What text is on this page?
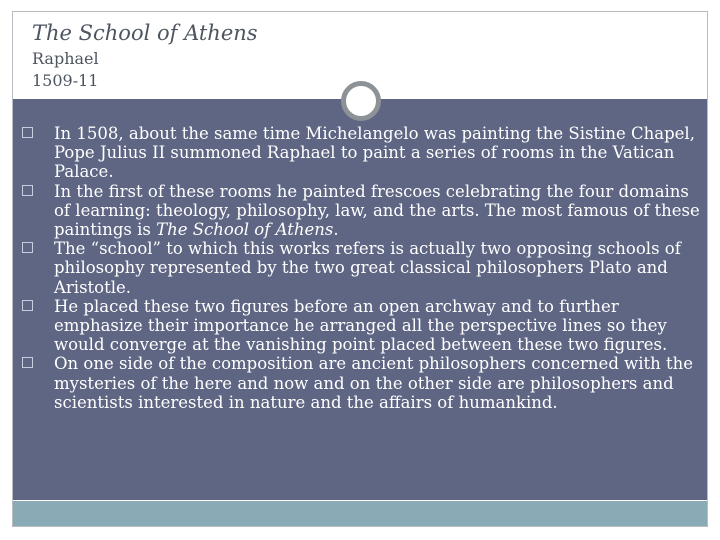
The School of Athens
Raphael
1509-11
In 1508, about the same time Michelangelo was painting the Sistine Chapel, Pope Julius II summoned Raphael to paint a series of rooms in the Vatican Palace.
In the first of these rooms he painted frescoes celebrating the four domains of learning: theology, philosophy, law, and the arts. The most famous of these paintings is The School of Athens.
The “school” to which this works refers is actually two opposing schools of philosophy represented by the two great classical philosophers Plato and Aristotle.
He placed these two figures before an open archway and to further emphasize their importance he arranged all the perspective lines so they would converge at the vanishing point placed between these two figures.
On one side of the composition are ancient philosophers concerned with the mysteries of the here and now and on the other side are philosophers and scientists interested in nature and the affairs of humankind.
